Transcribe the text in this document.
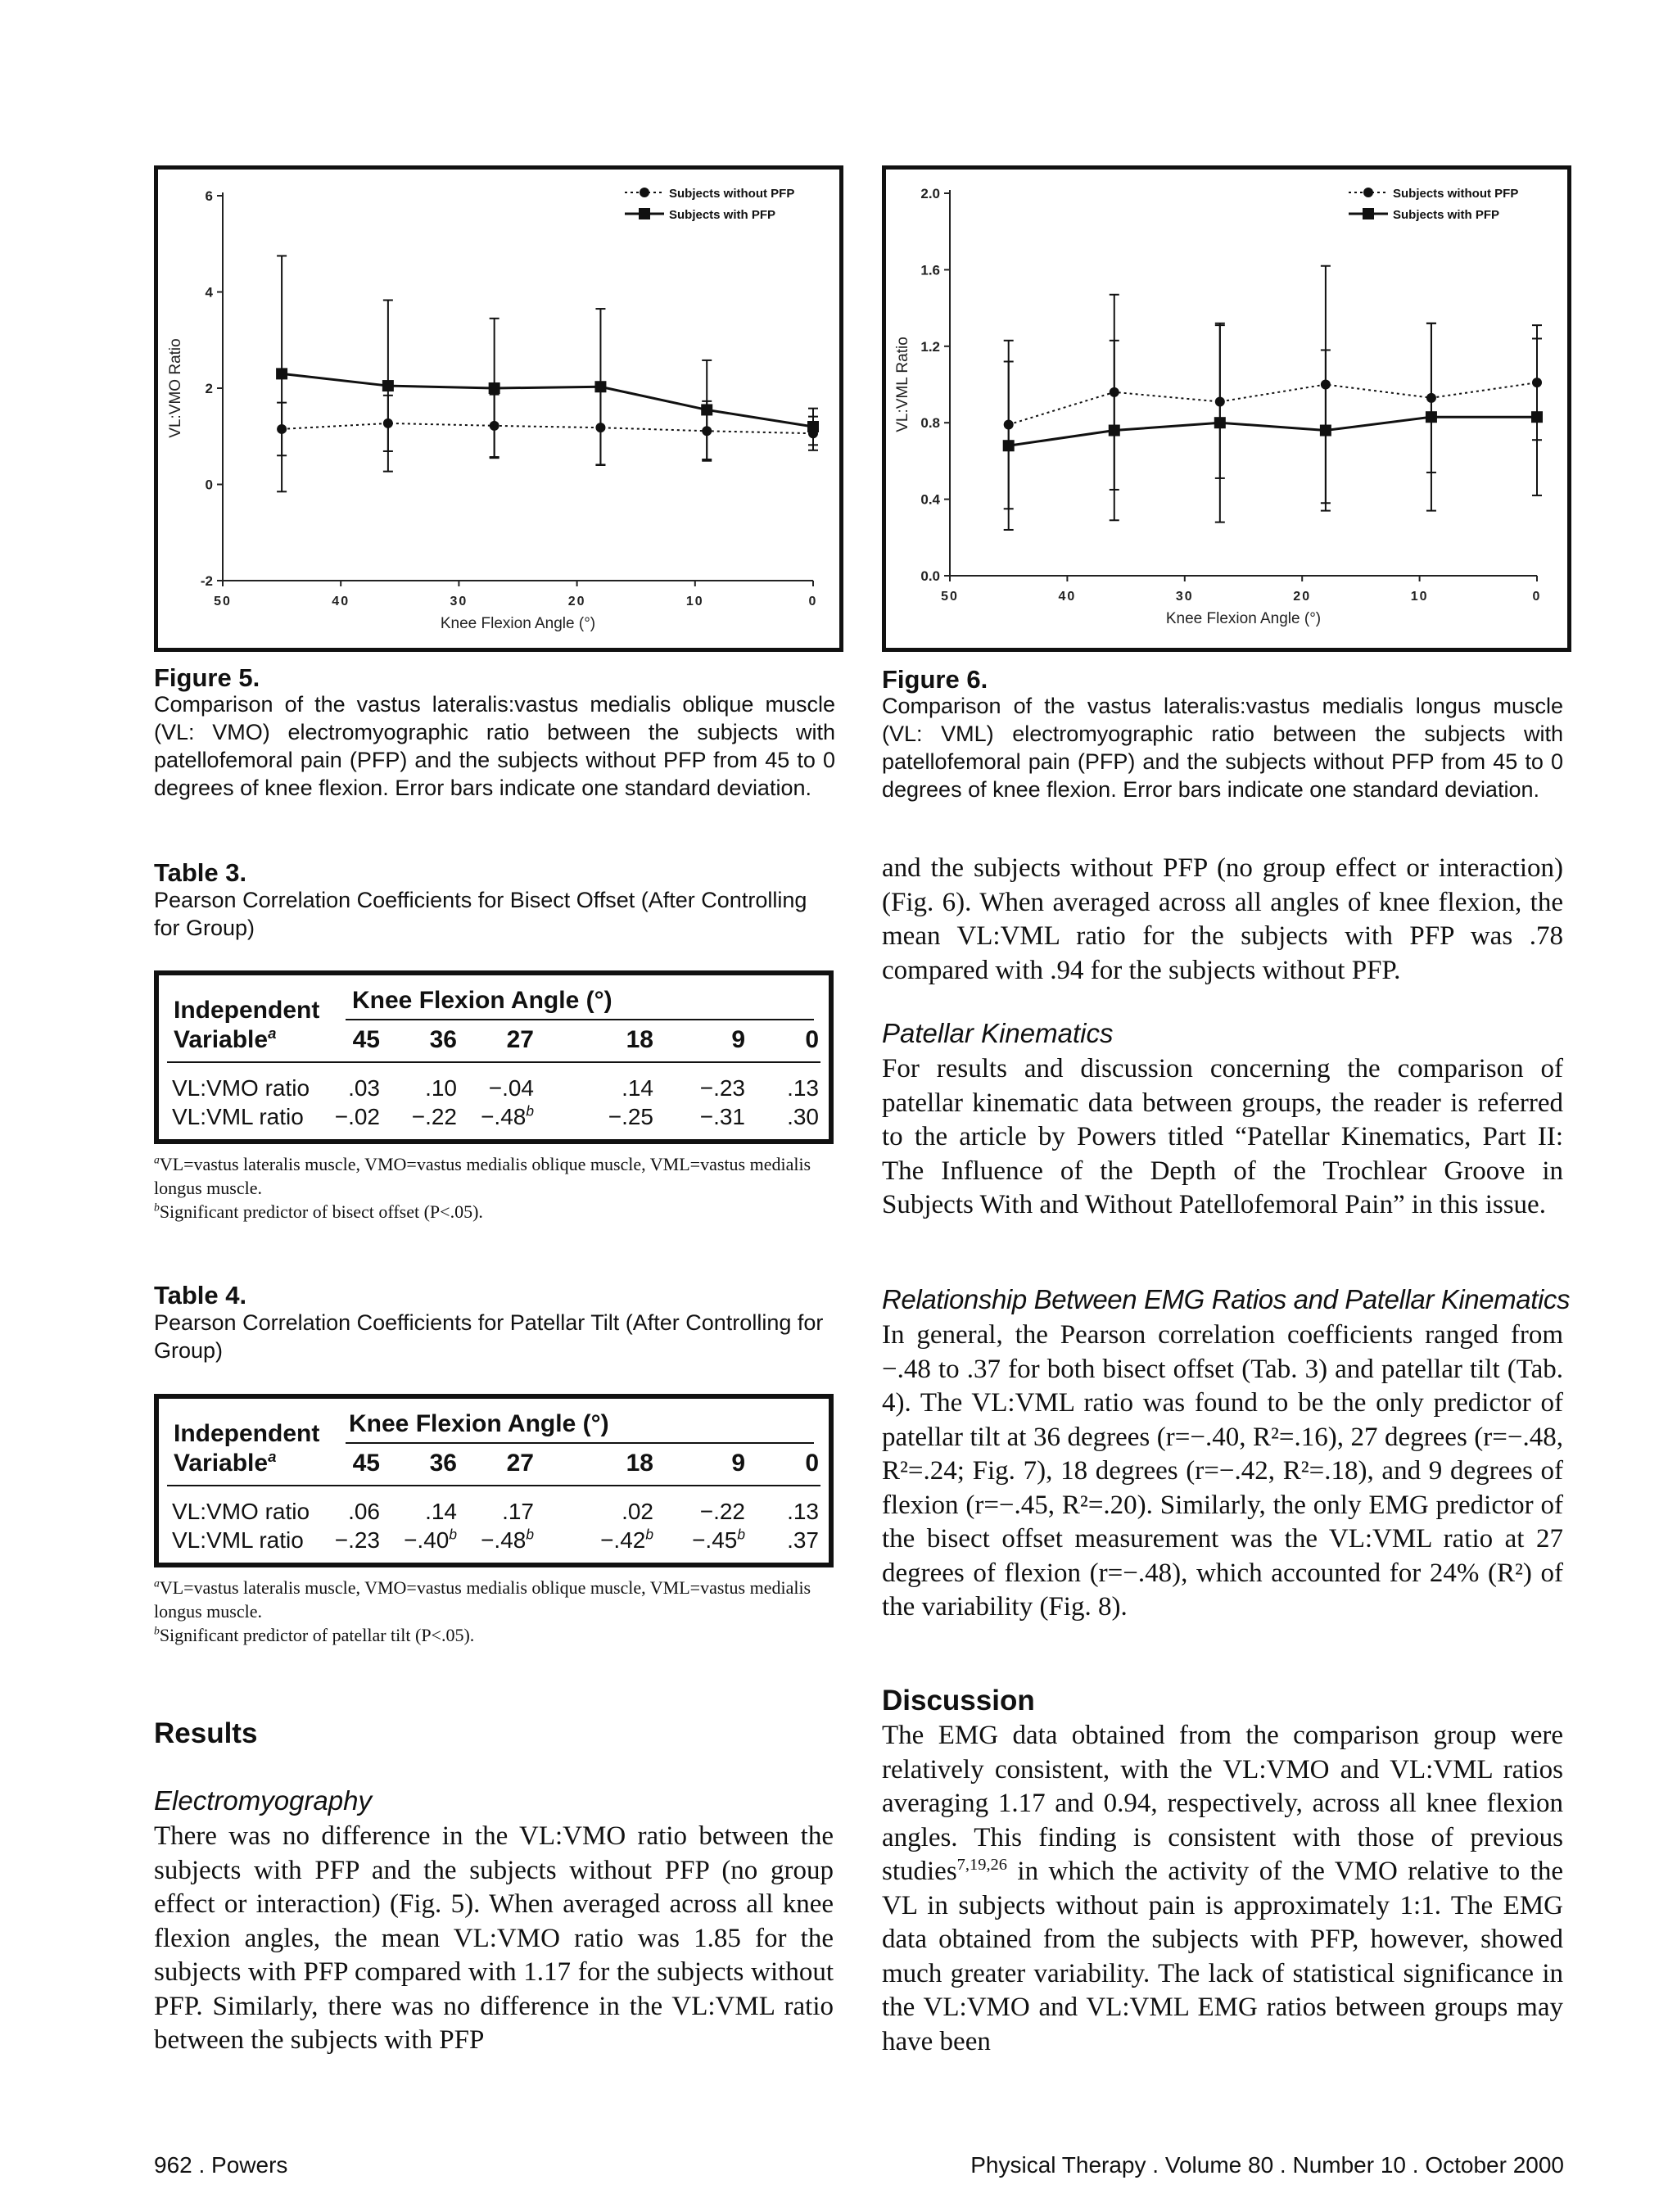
-2
0
2
4
6
50	40	30	20	10	0
Knee Flexion Angle (°)
VL:VMO Ratio
Subjects without PFP
Subjects with PFP
Figure 5.
Comparison of the vastus lateralis:vastus medialis oblique muscle (VL: VMO) electromyographic ratio between the subjects with patellofemoral pain (PFP) and the subjects without PFP from 45 to 0 degrees of knee flexion. Error bars indicate one standard deviation.
0.0
0.4
0.8
1.2
1.6
2.0
50	40	30	20	10	0
Knee Flexion Angle (°)
VL:VML Ratio
Subjects without PFP
Subjects with PFP
Figure 6.
Comparison of the vastus lateralis:vastus medialis longus muscle (VL: VML) electromyographic ratio between the subjects with patellofemoral pain (PFP) and the subjects without PFP from 45 to 0 degrees of knee flexion. Error bars indicate one standard deviation.
Table 3.
Pearson Correlation Coefficients for Bisect Offset (After Controlling for Group)
Independent
Variable$^a$
Knee Flexion Angle (°)
45	36	27	18	9	0
VL:VMO ratio	.03	.10	−.04	.14	−.23	.13
VL:VML ratio	−.02	−.22	−.48$^b$	−.25	−.31	.30
$^a$VL=vastus lateralis muscle, VMO=vastus medialis oblique muscle, VML=vastus medialis longus muscle.
$^b$Significant predictor of bisect offset (P<.05).
Table 4.
Pearson Correlation Coefficients for Patellar Tilt (After Controlling for Group)
Independent
Variable$^a$
Knee Flexion Angle (°)
45	36	27	18	9	0
VL:VMO ratio	.06	.14	.17	.02	−.22	.13
VL:VML ratio	−.23	−.40$^b$	−.48$^b$	−.42$^b$	−.45$^b$	.37
$^a$VL=vastus lateralis muscle, VMO=vastus medialis oblique muscle, VML=vastus medialis longus muscle.
$^b$Significant predictor of patellar tilt (P<.05).
Results
Electromyography
There was no difference in the VL:VMO ratio between the subjects with PFP and the subjects without PFP (no group effect or interaction) (Fig. 5). When averaged across all knee flexion angles, the mean VL:VMO ratio was 1.85 for the subjects with PFP compared with 1.17 for the subjects without PFP. Similarly, there was no difference in the VL:VML ratio between the subjects with PFP
and the subjects without PFP (no group effect or interaction) (Fig. 6). When averaged across all angles of knee flexion, the mean VL:VML ratio for the subjects with PFP was .78 compared with .94 for the subjects without PFP.
Patellar Kinematics
For results and discussion concerning the comparison of patellar kinematic data between groups, the reader is referred to the article by Powers titled “Patellar Kinematics, Part II: The Influence of the Depth of the Trochlear Groove in Subjects With and Without Patellofemoral Pain” in this issue.
Relationship Between EMG Ratios and Patellar Kinematics
In general, the Pearson correlation coefficients ranged from −.48 to .37 for both bisect offset (Tab. 3) and patellar tilt (Tab. 4). The VL:VML ratio was found to be the only predictor of patellar tilt at 36 degrees (r=−.40, R²=.16), 27 degrees (r=−.48, R²=.24; Fig. 7), 18 degrees (r=−.42, R²=.18), and 9 degrees of flexion (r=−.45, R²=.20). Similarly, the only EMG predictor of the bisect offset measurement was the VL:VML ratio at 27 degrees of flexion (r=−.48), which accounted for 24% (R²) of the variability (Fig. 8).
Discussion
The EMG data obtained from the comparison group were relatively consistent, with the VL:VMO and VL:VML ratios averaging 1.17 and 0.94, respectively, across all knee flexion angles. This finding is consistent with those of previous studies$^{7,19,26}$ in which the activity of the VMO relative to the VL in subjects without pain is approximately 1:1. The EMG data obtained from the subjects with PFP, however, showed much greater variability. The lack of statistical significance in the VL:VMO and VL:VML EMG ratios between groups may have been
962 . Powers	Physical Therapy . Volume 80 . Number 10 . October 2000
